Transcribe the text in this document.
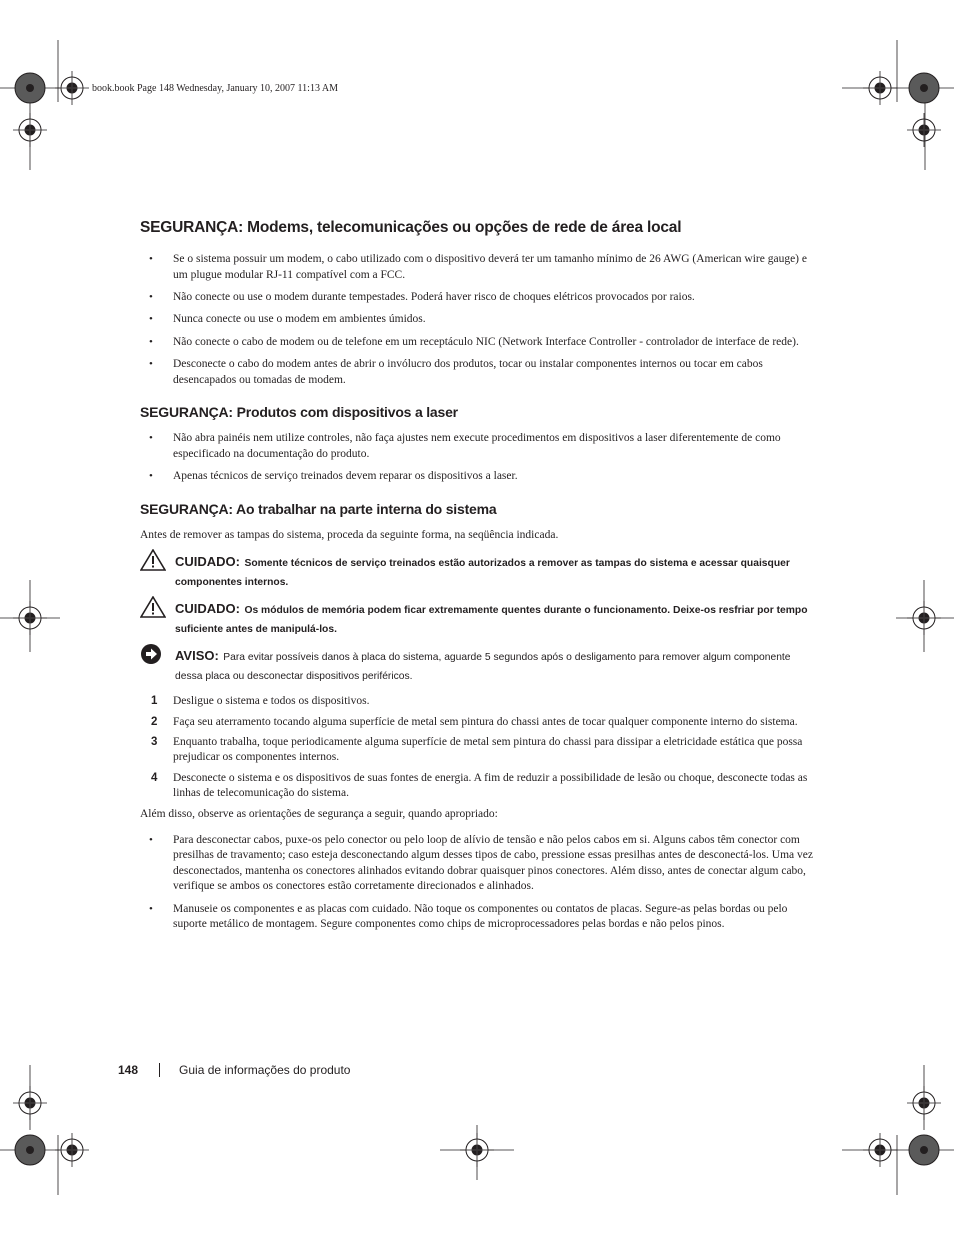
book.book Page 148 Wednesday, January 10, 2007 11:13 AM
SEGURANÇA: Modems, telecomunicações ou opções de rede de área local
• Se o sistema possuir um modem, o cabo utilizado com o dispositivo deverá ter um tamanho mínimo de 26 AWG (American wire gauge) e um plugue modular RJ-11 compatível com a FCC.
• Não conecte ou use o modem durante tempestades. Poderá haver risco de choques elétricos provocados por raios.
• Nunca conecte ou use o modem em ambientes úmidos.
• Não conecte o cabo de modem ou de telefone em um receptáculo NIC (Network Interface Controller - controlador de interface de rede).
• Desconecte o cabo do modem antes de abrir o invólucro dos produtos, tocar ou instalar componentes internos ou tocar em cabos desencapados ou tomadas de modem.
SEGURANÇA: Produtos com dispositivos a laser
• Não abra painéis nem utilize controles, não faça ajustes nem execute procedimentos em dispositivos a laser diferentemente de como especificado na documentação do produto.
• Apenas técnicos de serviço treinados devem reparar os dispositivos a laser.
SEGURANÇA: Ao trabalhar na parte interna do sistema

Antes de remover as tampas do sistema, proceda da seguinte forma, na seqüência indicada.

CUIDADO: Somente técnicos de serviço treinados estão autorizados a remover as tampas do sistema e acessar quaisquer componentes internos.
CUIDADO: Os módulos de memória podem ficar extremamente quentes durante o funcionamento. Deixe-os resfriar por tempo suficiente antes de manipulá-los.
AVISO: Para evitar possíveis danos à placa do sistema, aguarde 5 segundos após o desligamento para remover algum componente dessa placa ou desconectar dispositivos periféricos.
1 Desligue o sistema e todos os dispositivos.
2 Faça seu aterramento tocando alguma superfície de metal sem pintura do chassi antes de tocar qualquer componente interno do sistema.
3 Enquanto trabalha, toque periodicamente alguma superfície de metal sem pintura do chassi para dissipar a eletricidade estática que possa prejudicar os componentes internos.
4 Desconecte o sistema e os dispositivos de suas fontes de energia. A fim de reduzir a possibilidade de lesão ou choque, desconecte todas as linhas de telecomunicação do sistema.

Além disso, observe as orientações de segurança a seguir, quando apropriado:

• Para desconectar cabos, puxe-os pelo conector ou pelo loop de alívio de tensão e não pelos cabos em si. Alguns cabos têm conector com presilhas de travamento; caso esteja desconectando algum desses tipos de cabo, pressione essas presilhas antes de desconectá-los. Uma vez desconectados, mantenha os conectores alinhados evitando dobrar quaisquer pinos conectores. Além disso, antes de conectar algum cabo, verifique se ambos os conectores estão corretamente direcionados e alinhados.
• Manuseie os componentes e as placas com cuidado. Não toque os componentes ou contatos de placas. Segure-as pelas bordas ou pelo suporte metálico de montagem. Segure componentes como chips de microprocessadores pelas bordas e não pelos pinos.
148	Guia de informações do produto
